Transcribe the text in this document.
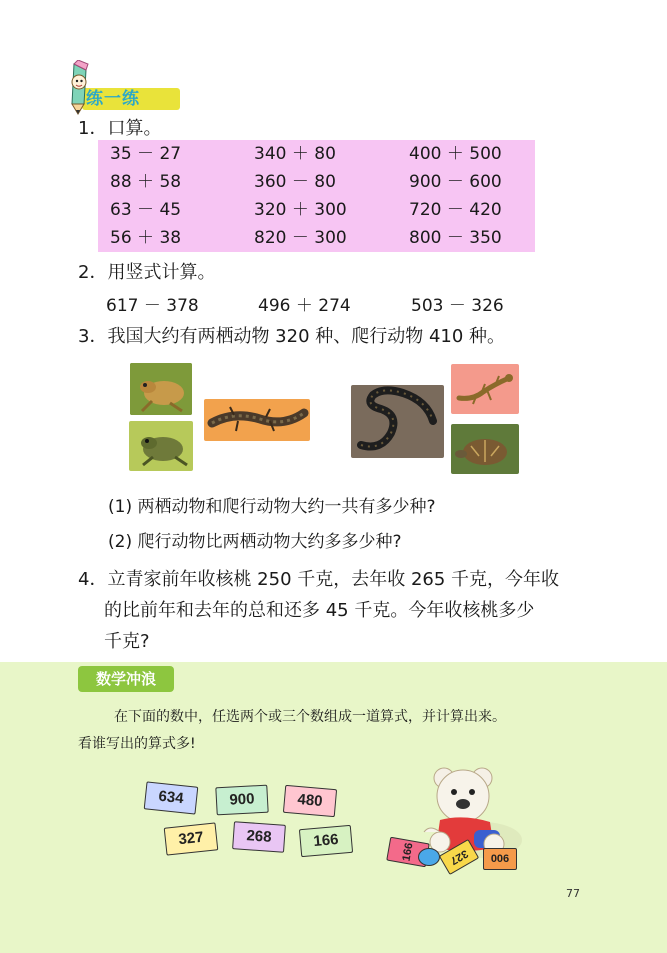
练一练
1．口算。
35 － 27	340 ＋ 80	400 ＋ 500
88 ＋ 58	360 － 80	900 － 600
63 － 45	320 ＋ 300	720 － 420
56 ＋ 38	820 － 300	800 － 350
2．用竖式计算。
617 － 378	496 ＋ 274	503 － 326
3．我国大约有两栖动物 320 种、爬行动物 410 种。
(1) 两栖动物和爬行动物大约一共有多少种?
(2) 爬行动物比两栖动物大约多多少种?
4．立青家前年收核桃 250 千克，去年收 265 千克，今年收
的比前年和去年的总和还多 45 千克。今年收核桃多少
千克?
数学冲浪
在下面的数中，任选两个或三个数组成一道算式，并计算出来。
看谁写出的算式多!
634	900	480
327	268	166
166	327	006
77
